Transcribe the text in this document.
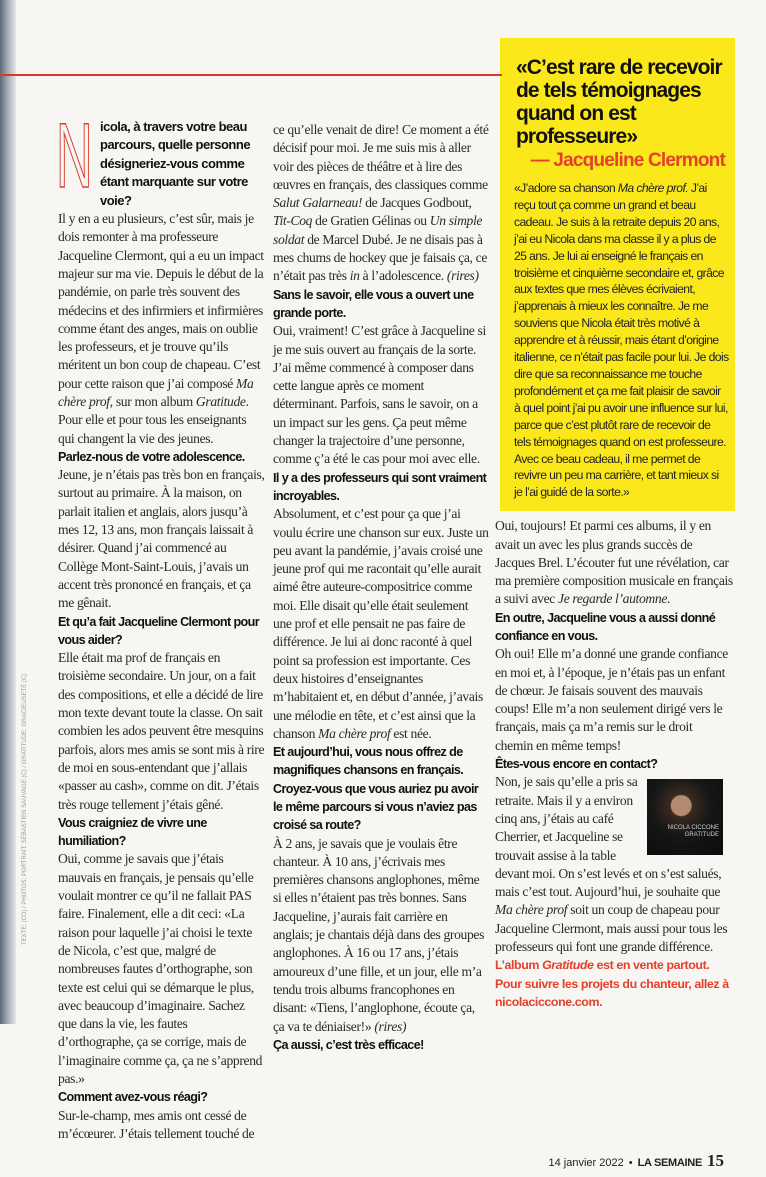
Nicola, à travers votre beau parcours, quelle personne désigneriez-vous comme étant marquante sur votre voie?

Il y en a eu plusieurs, c’est sûr, mais je dois remonter à ma professeure Jacqueline Clermont, qui a eu un impact majeur sur ma vie. Depuis le début de la pandémie, on parle très souvent des médecins et des infirmiers et infirmières comme étant des anges, mais on oublie les professeurs, et je trouve qu’ils méritent un bon coup de chapeau. C’est pour cette raison que j’ai composé Ma chère prof, sur mon album Gratitude. Pour elle et pour tous les enseignants qui changent la vie des jeunes.

Parlez-nous de votre adolescence.

Jeune, je n’étais pas très bon en français, surtout au primaire. À la maison, on parlait italien et anglais, alors jusqu’à mes 12, 13 ans, mon français laissait à désirer. Quand j’ai commencé au Collège Mont-Saint-Louis, j’avais un accent très prononcé en français, et ça me gênait.

Et qu’a fait Jacqueline Clermont pour vous aider?

Elle était ma prof de français en troisième secondaire. Un jour, on a fait des compositions, et elle a décidé de lire mon texte devant toute la classe. On sait combien les ados peuvent être mesquins parfois, alors mes amis se sont mis à rire de moi en sous-entendant que j’allais «passer au cash», comme on dit. J’étais très rouge tellement j’étais gêné.

Vous craigniez de vivre une humiliation?

Oui, comme je savais que j’étais mauvais en français, je pensais qu’elle voulait montrer ce qu’il ne fallait PAS faire. Finalement, elle a dit ceci: «La raison pour laquelle j’ai choisi le texte de Nicola, c’est que, malgré de nombreuses fautes d’orthographe, son texte est celui qui se démarque le plus, avec beaucoup d’imaginaire. Sachez que dans la vie, les fautes d’orthographe, ça se corrige, mais de l’imaginaire comme ça, ça ne s’apprend pas.»

Comment avez-vous réagi?

Sur-le-champ, mes amis ont cessé de m’écœurer. J’étais tellement touché de

ce qu’elle venait de dire! Ce moment a été décisif pour moi. Je me suis mis à aller voir des pièces de théâtre et à lire des œuvres en français, des classiques comme Salut Galarneau! de Jacques Godbout, Tit-Coq de Gratien Gélinas ou Un simple soldat de Marcel Dubé. Je ne disais pas à mes chums de hockey que je faisais ça, ce n’était pas très in à l’adolescence. (rires)

Sans le savoir, elle vous a ouvert une grande porte.

Oui, vraiment! C’est grâce à Jacqueline si je me suis ouvert au français de la sorte. J’ai même commencé à composer dans cette langue après ce moment déterminant. Parfois, sans le savoir, on a un impact sur les gens. Ça peut même changer la trajectoire d’une personne, comme ç’a été le cas pour moi avec elle.

Il y a des professeurs qui sont vraiment incroyables.

Absolument, et c’est pour ça que j’ai voulu écrire une chanson sur eux. Juste un peu avant la pandémie, j’avais croisé une jeune prof qui me racontait qu’elle aurait aimé être auteure-compositrice comme moi. Elle disait qu’elle était seulement une prof et elle pensait ne pas faire de différence. Je lui ai donc raconté à quel point sa profession est importante. Ces deux histoires d’enseignantes m’habitaient et, en début d’année, j’avais une mélodie en tête, et c’est ainsi que la chanson Ma chère prof est née.

Et aujourd’hui, vous nous offrez de magnifiques chansons en français. Croyez-vous que vous auriez pu avoir le même parcours si vous n’aviez pas croisé sa route?

À 2 ans, je savais que je voulais être chanteur. À 10 ans, j’écrivais mes premières chansons anglophones, même si elles n’étaient pas très bonnes. Sans Jacqueline, j’aurais fait carrière en anglais; je chantais déjà dans des groupes anglophones. À 16 ou 17 ans, j’étais amoureux d’une fille, et un jour, elle m’a tendu trois albums francophones en disant: «Tiens, l’anglophone, écoute ça, ça va te déniaiser!» (rires)

Ça aussi, c’est très efficace!

«C’est rare de recevoir de tels témoignages quand on est professeure»
— Jacqueline Clermont
«J’adore sa chanson Ma chère prof. J’ai reçu tout ça comme un grand et beau cadeau. Je suis à la retraite depuis 20 ans, j’ai eu Nicola dans ma classe il y a plus de 25 ans. Je lui ai enseigné le français en troisième et cinquième secondaire et, grâce aux textes que mes élèves écrivaient, j’apprenais à mieux les connaître. Je me souviens que Nicola était très motivé à apprendre et à réussir, mais étant d’origine italienne, ce n’était pas facile pour lui. Je dois dire que sa reconnaissance me touche profondément et ça me fait plaisir de savoir à quel point j’ai pu avoir une influence sur lui, parce que c’est plutôt rare de recevoir de tels témoignages quand on est professeure. Avec ce beau cadeau, il me permet de revivre un peu ma carrière, et tant mieux si je l’ai guidé de la sorte.»

Oui, toujours! Et parmi ces albums, il y en avait un avec les plus grands succès de Jacques Brel. L’écouter fut une révélation, car ma première composition musicale en français a suivi avec Je regarde l’automne.

En outre, Jacqueline vous a aussi donné confiance en vous.

Oh oui! Elle m’a donné une grande confiance en moi et, à l’époque, je n’étais pas un enfant de chœur. Je faisais souvent des mauvais coups! Elle m’a non seulement dirigé vers le français, mais ça m’a remis sur le droit chemin en même temps!

Êtes-vous encore en contact?

NICOLA CICCONE GRATITUDE

Non, je sais qu’elle a pris sa retraite. Mais il y a environ cinq ans, j’étais au café Cherrier, et Jacqueline se trouvait assise à la table devant moi. On s’est levés et on s’est salués, mais c’est tout. Aujourd’hui, je souhaite que Ma chère prof soit un coup de chapeau pour Jacqueline Clermont, mais aussi pour tous les professeurs qui font une grande différence.

L’album Gratitude est en vente partout. Pour suivre les projets du chanteur, allez à nicolaciccone.com.

TEXTE: (CD) / PHOTOS: PORTRAIT: SÉBASTIEN SAUVAGE (C) / GRATITUDE: GRACIEUSETÉ (C)
14 janvier 2022 • LA SEMAINE 15
